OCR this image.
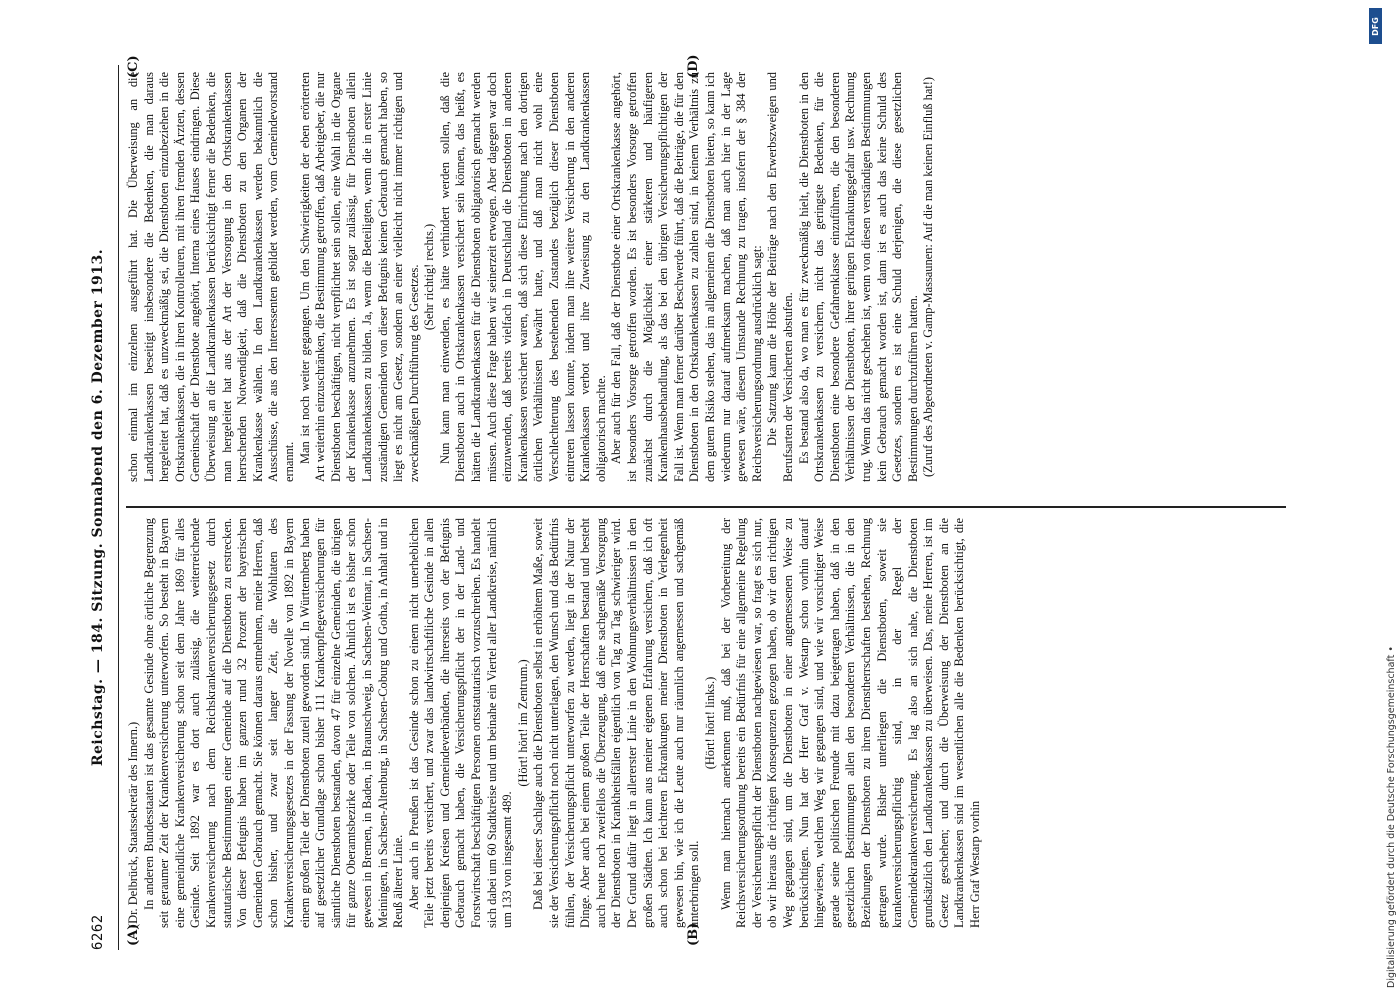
6262
Reichstag. — 184. Sitzung. Sonnabend den 6. Dezember 1913.
(A)	(B)
(C)	(D)

(Dr. Delbrück, Staatssekretär des Innern.) In anderen Bundesstaaten ist das gesamte Gesinde ohne örtliche Begrenzung seit geraumer Zeit der Krankenversicherung unterworfen. So besteht in Bayern eine gemeindliche Krankenversicherung schon seit dem Jahre 1869 für alles Gesinde. Seit 1892 war es dort auch zulässig, die weiterreichende Krankenversicherung nach dem Reichskrankenversicherungsgesetz durch statutarische Bestimmungen einer Gemeinde auf die Dienstboten zu erstrecken. Von dieser Befugnis haben im ganzen rund 32 Prozent der bayerischen Gemeinden Gebrauch gemacht. Sie können daraus entnehmen, meine Herren, daß schon bisher, und zwar seit langer Zeit, die Wohltaten des Krankenversicherungsgesetzes in der Fassung der Novelle von 1892 in Bayern einem großen Teile der Dienstboten zuteil geworden sind. In Württemberg haben auf gesetzlicher Grundlage schon bisher 111 Krankenpflegeversicherungen für sämtliche Dienstboten bestanden, davon 47 für einzelne Gemeinden, die übrigen für ganze Oberamtsbezirke oder Teile von solchen. Ähnlich ist es bisher schon gewesen in Bremen, in Baden, in Braunschweig, in Sachsen-Weimar, in Sachsen-Meiningen, in Sachsen-Altenburg, in Sachsen-Coburg und Gotha, in Anhalt und in Reuß älterer Linie. Aber auch in Preußen ist das Gesinde schon zu einem nicht unerheblichen Teile jetzt bereits versichert, und zwar das landwirtschaftliche Gesinde in allen denjenigen Kreisen und Gemeindeverbänden, die ihrerseits von der Befugnis Gebrauch gemacht haben, die Versicherungspflicht der in der Land- und Forstwirtschaft beschäftigten Personen ortsstatutarisch vorzuschreiben. Es handelt sich dabei um 60 Stadtkreise und um beinahe ein Viertel aller Landkreise, nämlich um 133 von insgesamt 489.

(Hört! hört! im Zentrum.) Daß bei dieser Sachlage auch die Dienstboten selbst in erhöhtem Maße, soweit sie der Versicherungspflicht noch nicht unterlagen, den Wunsch und das Bedürfnis fühlen, der Versicherungspflicht unterworfen zu werden, liegt in der Natur der Dinge. Aber auch bei einem großen Teile der Herrschaften bestand und besteht auch heute noch zweifellos die Überzeugung, daß eine sachgemäße Versorgung der Dienstboten in Krankheitsfällen eigentlich von Tag zu Tag schwieriger wird. Der Grund dafür liegt in allererster Linie in den Wohnungsverhältnissen in den großen Städten. Ich kann aus meiner eigenen Erfahrung versichern, daß ich oft auch schon bei leichteren Erkrankungen meiner Dienstboten in Verlegenheit gewesen bin, wie ich die Leute auch nur räumlich angemessen und sachgemäß unterbringen soll.

(Hört! hört! links.) Wenn man hiernach anerkennen muß, daß bei der Vorbereitung der Reichsversicherungsordnung bereits ein Bedürfnis für eine allgemeine Regelung der Versicherungspflicht der Dienstboten nachgewiesen war, so fragt es sich nur, ob wir hieraus die richtigen Konsequenzen gezogen haben, ob wir den richtigen Weg gegangen sind, um die Dienstboten in einer angemessenen Weise zu berücksichtigen. Nun hat der Herr Graf v. Westarp schon vorhin darauf hingewiesen, welchen Weg wir gegangen sind, und wie wir vorsichtiger Weise gerade seine politischen Freunde mit dazu beigetragen haben, daß in den gesetzlichen Bestimmungen allen den besonderen Verhältnissen, die in den Beziehungen der Dienstboten zu ihren Dienstherrschaften bestehen, Rechnung getragen wurde. Bisher unterliegen die Dienstboten, soweit sie krankenversicherungspflichtig sind, in der Regel der Gemeindekrankenversicherung. Es lag also an sich nahe, die Dienstboten grundsätzlich den Landkrankenkassen zu überweisen. Das, meine Herren, ist im Gesetz geschehen; und durch die Überweisung der Dienstboten an die Landkrankenkassen sind im wesentlichen alle die Bedenken berücksichtigt, die Herr Graf Westarp vorhin

schon einmal im einzelnen ausgeführt hat. Die Überweisung an die Landkrankenkassen beseitigt insbesondere die Bedenken, die man daraus hergeleitet hat, daß es unzweckmäßig sei, die Dienstboten einzubeziehen in die Ortskrankenkassen, die in ihren Kontrolleuren, mit ihren fremden Ärzten, dessen Gemeinschaft der Dienstbote angehört, Interna eines Hauses eindringen. Diese Überweisung an die Landkrankenkassen berücksichtigt ferner die Bedenken, die man hergeleitet hat aus der Art der Versorgung in den Ortskrankenkassen herrschenden Notwendigkeit, daß die Dienstboten zu den Organen der Krankenkasse wählen. In den Landkrankenkassen werden bekanntlich die Ausschüsse, die aus den Interessenten gebildet werden, vom Gemeindevorstand ernannt. Man ist noch weiter gegangen. Um den Schwierigkeiten der eben erörterten Art weiterhin einzuschränken, die Bestimmung getroffen, daß Arbeitgeber, die nur Dienstboten beschäftigen, nicht verpflichtet sein sollen, eine Wahl in die Organe der Krankenkasse anzunehmen. Es ist sogar zulässig, für Dienstboten allein Landkrankenkassen zu bilden. Ja, wenn die Beteiligten, wenn die in erster Linie zuständigen Gemeinden von dieser Befugnis keinen Gebrauch gemacht haben, so liegt es nicht am Gesetz, sondern an einer vielleicht nicht immer richtigen und zweckmäßigen Durchführung des Gesetzes. (Sehr richtig! rechts.) Nun kann man einwenden, es hätte verhindert werden sollen, daß die Dienstboten auch in Ortskrankenkassen versichert sein können, das heißt, es hätten die Landkrankenkassen für die Dienstboten obligatorisch gemacht werden müssen. Auch diese Frage haben wir seinerzeit erwogen. Aber dagegen war doch einzuwenden, daß bereits vielfach in Deutschland die Dienstboten in anderen Krankenkassen versichert waren, daß sich diese Einrichtung nach den dortigen örtlichen Verhältnissen bewährt hatte, und daß man nicht wohl eine Verschlechterung des bestehenden Zustandes bezüglich dieser Dienstboten eintreten lassen konnte, indem man ihre weitere Versicherung in den anderen Krankenkassen verbot und ihre Zuweisung zu den Landkrankenkassen obligatorisch machte. Aber auch für den Fall, daß der Dienstbote einer Ortskrankenkasse angehört, ist besonders Vorsorge getroffen worden. Es ist besonders Vorsorge getroffen zunächst durch die Möglichkeit einer stärkeren und häufigeren Krankenhausbehandlung, als das bei den übrigen Versicherungspflichtigen der Fall ist. Wenn man ferner darüber Beschwerde führt, daß die Beiträge, die für den Dienstboten in den Ortskrankenkassen zu zahlen sind, in keinem Verhältnis zu dem gutem Risiko stehen, das im allgemeinen die Dienstboten bieten, so kann ich wiederum nur darauf aufmerksam machen, daß man auch hier in der Lage gewesen wäre, diesem Umstande Rechnung zu tragen, insofern der § 384 der Reichsversicherungsordnung ausdrücklich sagt: Die Satzung kann die Höhe der Beiträge nach den Erwerbszweigen und Berufsarten der Versicherten abstufen. Es bestand also da, wo man es für zweckmäßig hielt, die Dienstboten in den Ortskrankenkassen zu versichern, nicht das geringste Bedenken, für die Dienstboten eine besondere Gefahrenklasse einzuführen, die den besonderen Verhältnissen der Dienstboten, ihrer geringen Erkrankungsgefahr usw. Rechnung trug. Wenn das nicht geschehen ist, wenn von diesen verständigen Bestimmungen kein Gebrauch gemacht worden ist, dann ist es auch das keine Schuld des Gesetzes, sondern es ist eine Schuld derjenigen, die diese gesetzlichen Bestimmungen durchzuführen hatten. (Zuruf des Abgeordneten v. Gamp-Massaunen: Auf die man keinen Einfluß hat!)

DFG
Digitalisierung gefördert durch die Deutsche Forschungsgemeinschaft •
